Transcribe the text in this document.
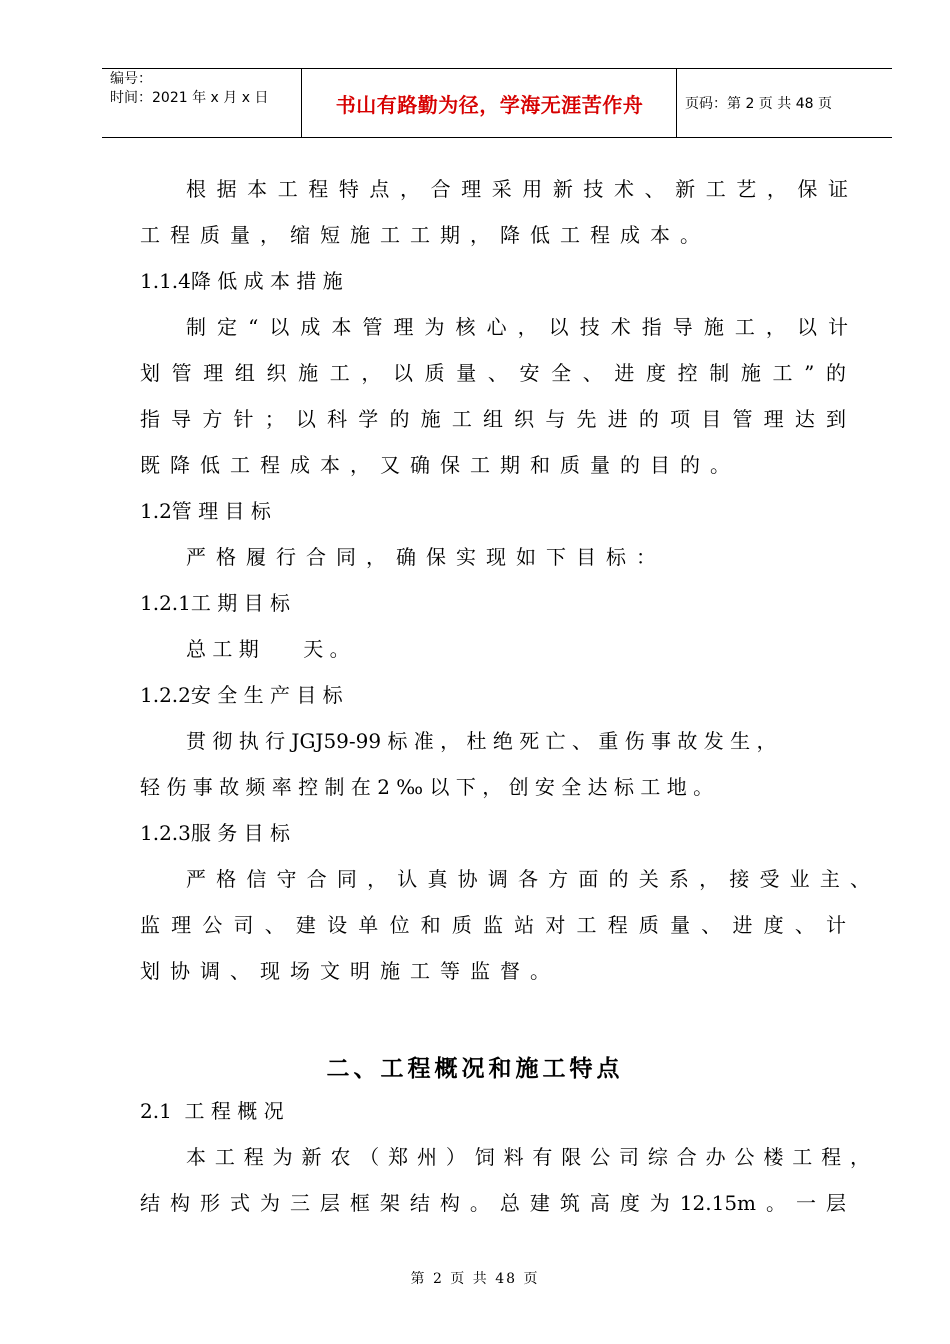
编号：
时间：2021 年 x 月 x 日	书山有路勤为径，学海无涯苦作舟	页码：第 2 页 共 48 页
根据本工程特点，合理采用新技术、新工艺，保证
工程质量，缩短施工工期，降低工程成本。
1.1.4降 低 成 本 措 施
制定“以成本管理为核心，以技术指导施工，以计
划管理组织施工，以质量、安全、进度控制施工”的
指导方针；以科学的施工组织与先进的项目管理达到
既降低工程成本，又确保工期和质量的目的。
1.2管 理 目 标
严格履行合同，确保实现如下目标：
1.2.1工 期 目 标
总 工 期       天 。
1.2.2安 全 生 产 目 标
贯 彻 执 行 JGJ59-99 标 准 ， 杜 绝 死 亡 、 重 伤 事 故 发 生 ，
轻 伤 事 故 频 率 控 制 在 2 ‰ 以 下 ， 创 安 全 达 标 工 地 。
1.2.3服 务 目 标
严格信守合同，认真协调各方面的关系，接受业主、
监理公司、建设单位和质监站对工程质量、进度、计
划协调、现场文明施工等监督。
二、工程概况和施工特点
2.1  工 程 概 况
本工程为新农（郑州）饲料有限公司综合办公楼工程，
结构形式为三层框架结构。总建筑高度为12.15m。一层
第 2 页 共 48 页
